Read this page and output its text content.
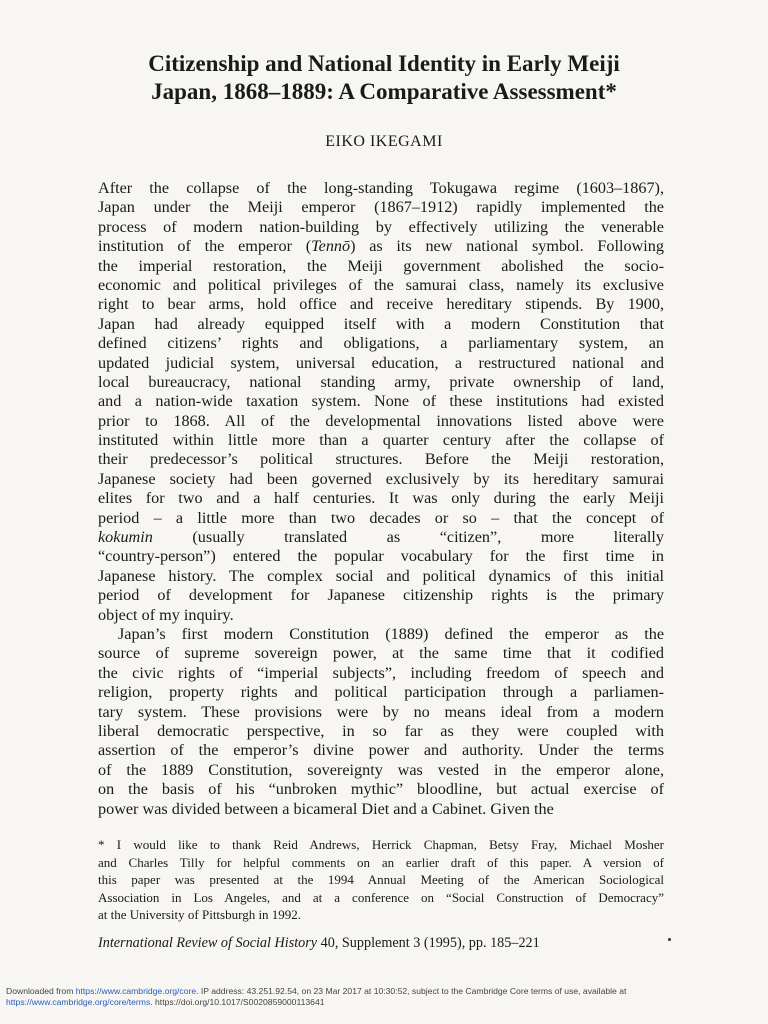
Citizenship and National Identity in Early Meiji
Japan, 1868–1889: A Comparative Assessment*

EIKO IKEGAMI

After the collapse of the long-standing Tokugawa regime (1603–1867),
Japan under the Meiji emperor (1867–1912) rapidly implemented the
process of modern nation-building by effectively utilizing the venerable
institution of the emperor (Tennō) as its new national symbol. Following
the imperial restoration, the Meiji government abolished the socio-
economic and political privileges of the samurai class, namely its exclusive
right to bear arms, hold office and receive hereditary stipends. By 1900,
Japan had already equipped itself with a modern Constitution that
defined citizens’ rights and obligations, a parliamentary system, an
updated judicial system, universal education, a restructured national and
local bureaucracy, national standing army, private ownership of land,
and a nation-wide taxation system. None of these institutions had existed
prior to 1868. All of the developmental innovations listed above were
instituted within little more than a quarter century after the collapse of
their predecessor’s political structures. Before the Meiji restoration,
Japanese society had been governed exclusively by its hereditary samurai
elites for two and a half centuries. It was only during the early Meiji
period – a little more than two decades or so – that the concept of
kokumin (usually translated as “citizen”, more literally
“country-person”) entered the popular vocabulary for the first time in
Japanese history. The complex social and political dynamics of this initial
period of development for Japanese citizenship rights is the primary
object of my inquiry.
Japan’s first modern Constitution (1889) defined the emperor as the
source of supreme sovereign power, at the same time that it codified
the civic rights of “imperial subjects”, including freedom of speech and
religion, property rights and political participation through a parliamen-
tary system. These provisions were by no means ideal from a modern
liberal democratic perspective, in so far as they were coupled with
assertion of the emperor’s divine power and authority. Under the terms
of the 1889 Constitution, sovereignty was vested in the emperor alone,
on the basis of his “unbroken mythic” bloodline, but actual exercise of
power was divided between a bicameral Diet and a Cabinet. Given the
* I would like to thank Reid Andrews, Herrick Chapman, Betsy Fray, Michael Mosher
and Charles Tilly for helpful comments on an earlier draft of this paper. A version of
this paper was presented at the 1994 Annual Meeting of the American Sociological
Association in Los Angeles, and at a conference on “Social Construction of Democracy”
at the University of Pittsburgh in 1992.

International Review of Social History 40, Supplement 3 (1995), pp. 185–221

Downloaded from https://www.cambridge.org/core. IP address: 43.251.92.54, on 23 Mar 2017 at 10:30:52, subject to the Cambridge Core terms of use, available at
https://www.cambridge.org/core/terms. https://doi.org/10.1017/S0020859000113641
